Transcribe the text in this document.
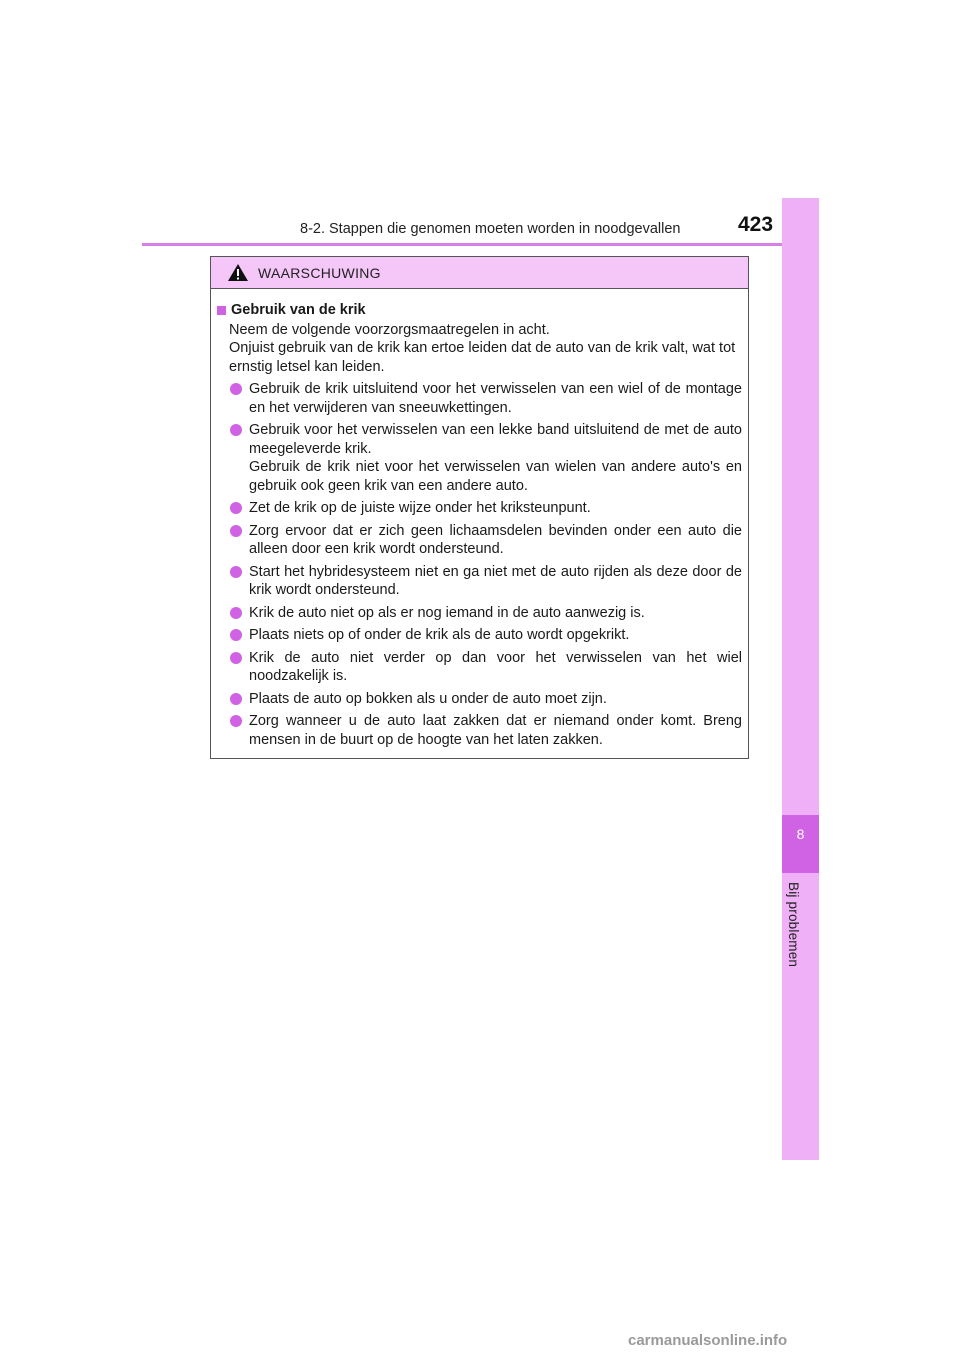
8-2. Stappen die genomen moeten worden in noodgevallen	423
8
Bij problemen
WAARSCHUWING
Gebruik van de krik
Neem de volgende voorzorgsmaatregelen in acht.
Onjuist gebruik van de krik kan ertoe leiden dat de auto van de krik valt, wat tot ernstig letsel kan leiden.
Gebruik de krik uitsluitend voor het verwisselen van een wiel of de montage en het verwijderen van sneeuwkettingen.
Gebruik voor het verwisselen van een lekke band uitsluitend de met de auto meegeleverde krik.
Gebruik de krik niet voor het verwisselen van wielen van andere auto's en gebruik ook geen krik van een andere auto.
Zet de krik op de juiste wijze onder het kriksteunpunt.
Zorg ervoor dat er zich geen lichaamsdelen bevinden onder een auto die alleen door een krik wordt ondersteund.
Start het hybridesysteem niet en ga niet met de auto rijden als deze door de krik wordt ondersteund.
Krik de auto niet op als er nog iemand in de auto aanwezig is.
Plaats niets op of onder de krik als de auto wordt opgekrikt.
Krik de auto niet verder op dan voor het verwisselen van het wiel noodzakelijk is.
Plaats de auto op bokken als u onder de auto moet zijn.
Zorg wanneer u de auto laat zakken dat er niemand onder komt. Breng mensen in de buurt op de hoogte van het laten zakken.
carmanualsonline.info
